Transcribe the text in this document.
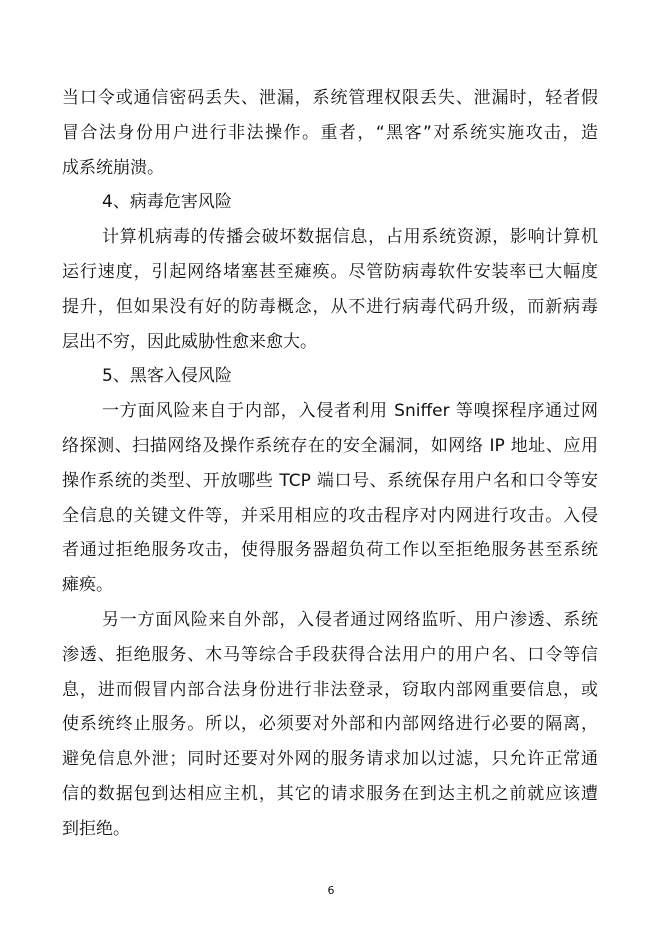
当口令或通信密码丢失、泄漏，系统管理权限丢失、泄漏时，轻者假
冒合法身份用户进行非法操作。重者，“黑客”对系统实施攻击，造
成系统崩溃。
4、病毒危害风险
计算机病毒的传播会破坏数据信息，占用系统资源，影响计算机
运行速度，引起网络堵塞甚至瘫痪。尽管防病毒软件安装率已大幅度
提升，但如果没有好的防毒概念，从不进行病毒代码升级，而新病毒
层出不穷，因此威胁性愈来愈大。
5、黑客入侵风险
一方面风险来自于内部，入侵者利用 Sniffer 等嗅探程序通过网
络探测、扫描网络及操作系统存在的安全漏洞，如网络 IP 地址、应用
操作系统的类型、开放哪些 TCP 端口号、系统保存用户名和口令等安
全信息的关键文件等，并采用相应的攻击程序对内网进行攻击。入侵
者通过拒绝服务攻击，使得服务器超负荷工作以至拒绝服务甚至系统
瘫痪。
另一方面风险来自外部，入侵者通过网络监听、用户渗透、系统
渗透、拒绝服务、木马等综合手段获得合法用户的用户名、口令等信
息，进而假冒内部合法身份进行非法登录，窃取内部网重要信息，或
使系统终止服务。所以，必须要对外部和内部网络进行必要的隔离，
避免信息外泄；同时还要对外网的服务请求加以过滤，只允许正常通
信的数据包到达相应主机，其它的请求服务在到达主机之前就应该遭
到拒绝。
6
